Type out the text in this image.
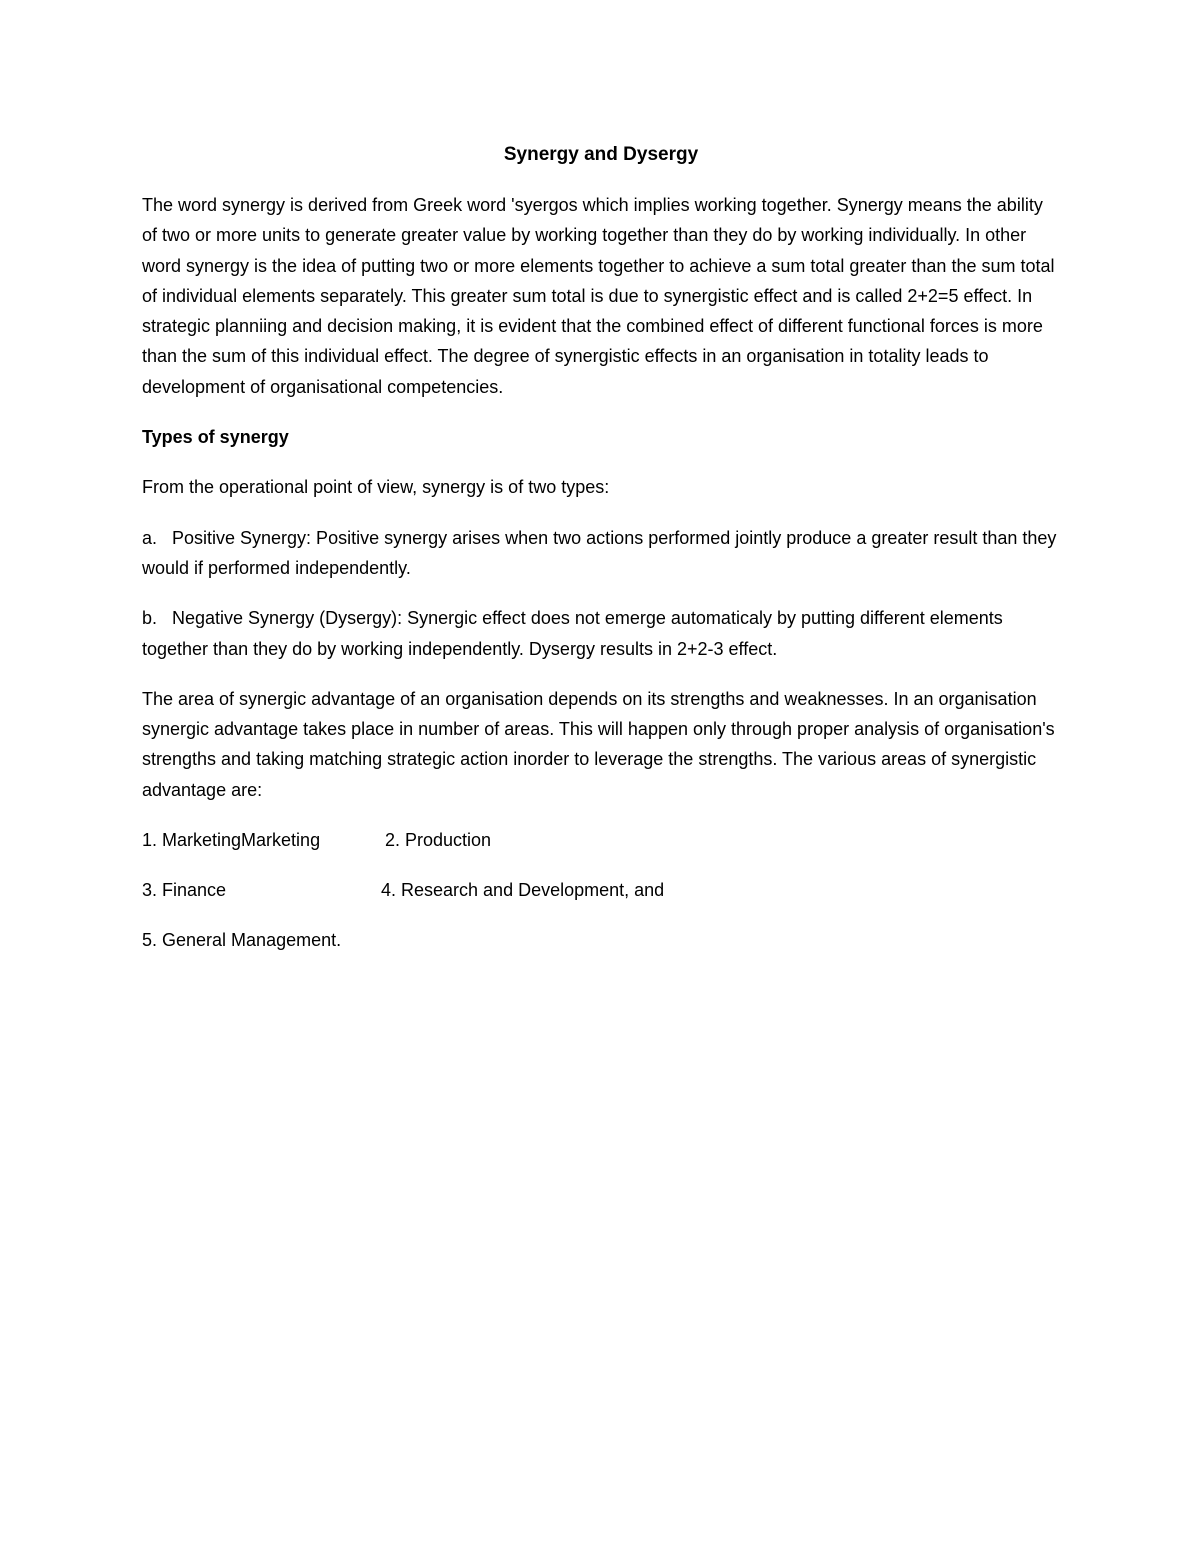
Synergy and Dysergy

The word synergy is derived from Greek word 'syergos which implies working together. Synergy means the ability of two or more units to generate greater value by working together than they do by working individually. In other word synergy is the idea of putting two or more elements together to achieve a sum total greater than the sum total of individual elements separately. This greater sum total is due to synergistic effect and is called 2+2=5 effect. In strategic planniing and decision making, it is evident that the combined effect of different functional forces is more than the sum of this individual effect. The degree of synergistic effects in an organisation in totality leads to development of organisational competencies.

Types of synergy

From the operational point of view, synergy is of two types:

a. Positive Synergy: Positive synergy arises when two actions performed jointly produce a greater result than they would if performed independently.

b. Negative Synergy (Dysergy): Synergic effect does not emerge automaticaly by putting different elements together than they do by working independently. Dysergy results in 2+2-3 effect.

The area of synergic advantage of an organisation depends on its strengths and weaknesses. In an organisation synergic advantage takes place in number of areas. This will happen only through proper analysis of organisation's strengths and taking matching strategic action inorder to leverage the strengths. The various areas of synergistic advantage are:

1. MarketingMarketing	2. Production
3. Finance	4. Research and Development, and
5. General Management.
